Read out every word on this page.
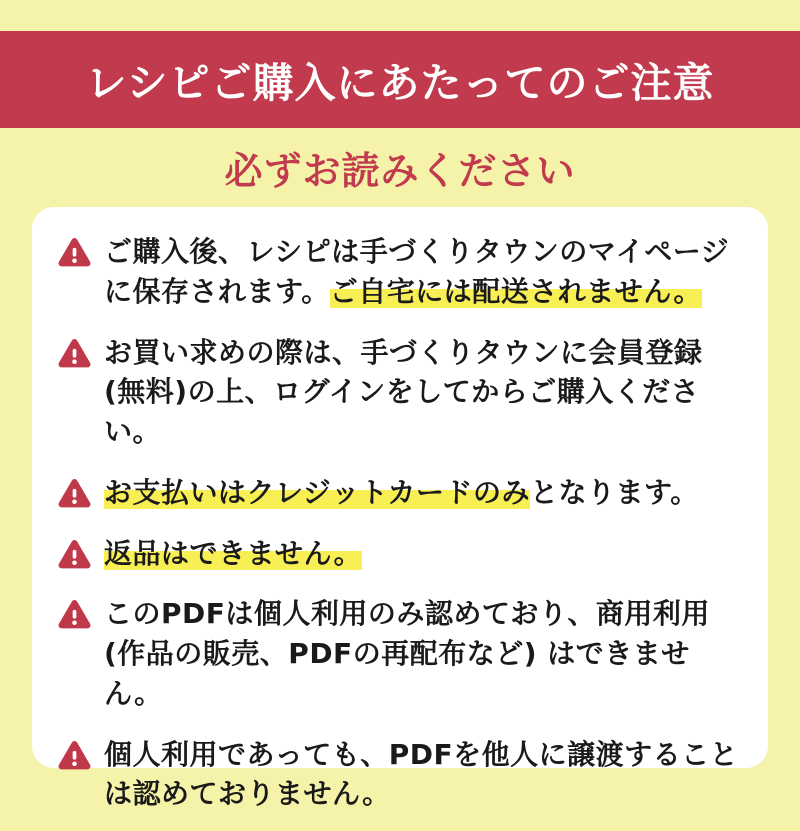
レシピご購入にあたってのご注意
必ずお読みください
ご購入後、レシピは手づくりタウンのマイページに保存されます。ご自宅には配送されません。
お買い求めの際は、手づくりタウンに会員登録(無料)の上、ログインをしてからご購入ください。
お支払いはクレジットカードのみとなります。
返品はできません。
このPDFは個人利用のみ認めており、商用利用(作品の販売、PDFの再配布など) はできません。
個人利用であっても、PDFを他人に譲渡することは認めておりません。
